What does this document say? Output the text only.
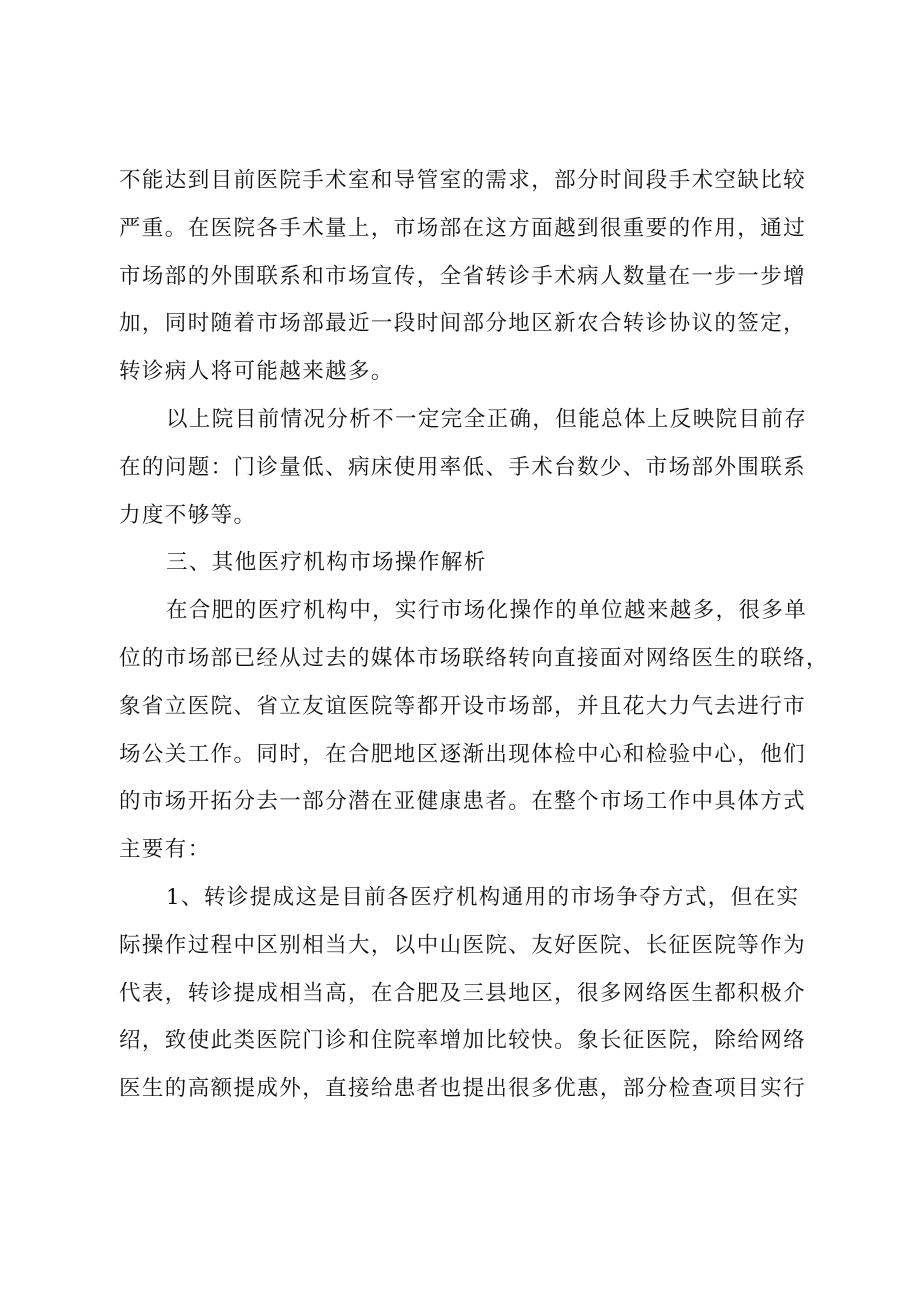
不能达到目前医院手术室和导管室的需求，部分时间段手术空缺比较
严重。在医院各手术量上，市场部在这方面越到很重要的作用，通过
市场部的外围联系和市场宣传，全省转诊手术病人数量在一步一步增
加，同时随着市场部最近一段时间部分地区新农合转诊协议的签定，
转诊病人将可能越来越多。
以上院目前情况分析不一定完全正确，但能总体上反映院目前存
在的问题：门诊量低、病床使用率低、手术台数少、市场部外围联系
力度不够等。
三、其他医疗机构市场操作解析
在合肥的医疗机构中，实行市场化操作的单位越来越多，很多单
位的市场部已经从过去的媒体市场联络转向直接面对网络医生的联络，
象省立医院、省立友谊医院等都开设市场部，并且花大力气去进行市
场公关工作。同时，在合肥地区逐渐出现体检中心和检验中心，他们
的市场开拓分去一部分潜在亚健康患者。在整个市场工作中具体方式
主要有：
1、转诊提成这是目前各医疗机构通用的市场争夺方式，但在实
际操作过程中区别相当大，以中山医院、友好医院、长征医院等作为
代表，转诊提成相当高，在合肥及三县地区，很多网络医生都积极介
绍，致使此类医院门诊和住院率增加比较快。象长征医院，除给网络
医生的高额提成外，直接给患者也提出很多优惠，部分检查项目实行
